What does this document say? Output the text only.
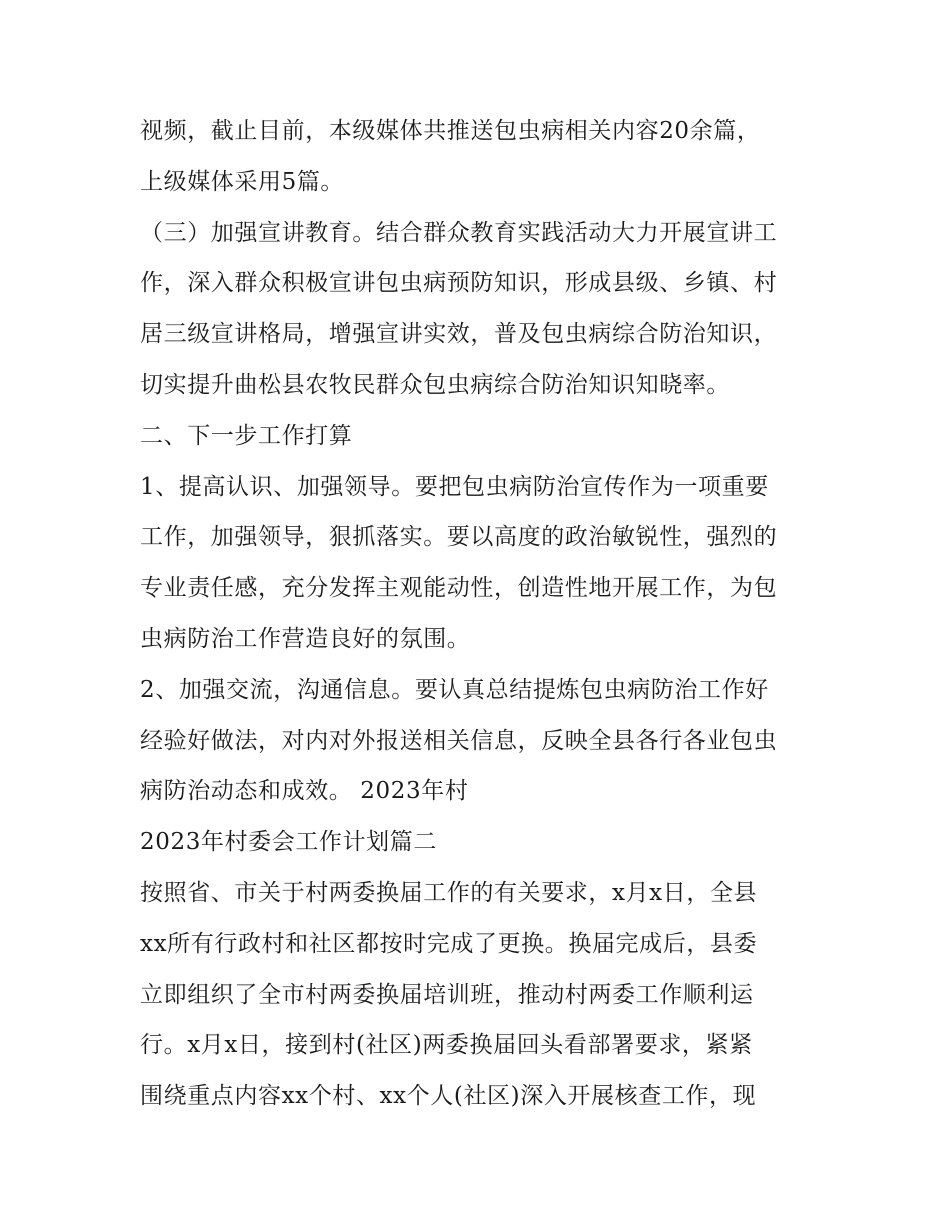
视频，截止目前，本级媒体共推送包虫病相关内容20余篇，
上级媒体采用5篇。
（三）加强宣讲教育。结合群众教育实践活动大力开展宣讲工
作，深入群众积极宣讲包虫病预防知识，形成县级、乡镇、村
居三级宣讲格局，增强宣讲实效，普及包虫病综合防治知识，
切实提升曲松县农牧民群众包虫病综合防治知识知晓率。
二、下一步工作打算
1、提高认识、加强领导。要把包虫病防治宣传作为一项重要
工作，加强领导，狠抓落实。要以高度的政治敏锐性，强烈的
专业责任感，充分发挥主观能动性，创造性地开展工作，为包
虫病防治工作营造良好的氛围。
2、加强交流，沟通信息。要认真总结提炼包虫病防治工作好
经验好做法，对内对外报送相关信息，反映全县各行各业包虫
病防治动态和成效。 2023年村
2023年村委会工作计划篇二
按照省、市关于村两委换届工作的有关要求，x月x日，全县
xx所有行政村和社区都按时完成了更换。换届完成后，县委
立即组织了全市村两委换届培训班，推动村两委工作顺利运
行。x月x日，接到村(社区)两委换届回头看部署要求，紧紧
围绕重点内容xx个村、xx个人(社区)深入开展核查工作，现
